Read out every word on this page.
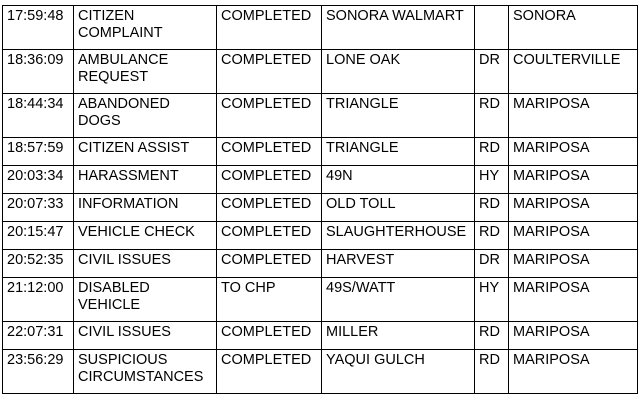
17:59:48	CITIZEN COMPLAINT	COMPLETED	SONORA WALMART		SONORA
18:36:09	AMBULANCE REQUEST	COMPLETED	LONE OAK	DR	COULTERVILLE
18:44:34	ABANDONED DOGS	COMPLETED	TRIANGLE	RD	MARIPOSA
18:57:59	CITIZEN ASSIST	COMPLETED	TRIANGLE	RD	MARIPOSA
20:03:34	HARASSMENT	COMPLETED	49N	HY	MARIPOSA
20:07:33	INFORMATION	COMPLETED	OLD TOLL	RD	MARIPOSA
20:15:47	VEHICLE CHECK	COMPLETED	SLAUGHTERHOUSE	RD	MARIPOSA
20:52:35	CIVIL ISSUES	COMPLETED	HARVEST	DR	MARIPOSA
21:12:00	DISABLED VEHICLE	TO CHP	49S/WATT	HY	MARIPOSA
22:07:31	CIVIL ISSUES	COMPLETED	MILLER	RD	MARIPOSA
23:56:29	SUSPICIOUS CIRCUMSTANCES	COMPLETED	YAQUI GULCH	RD	MARIPOSA
